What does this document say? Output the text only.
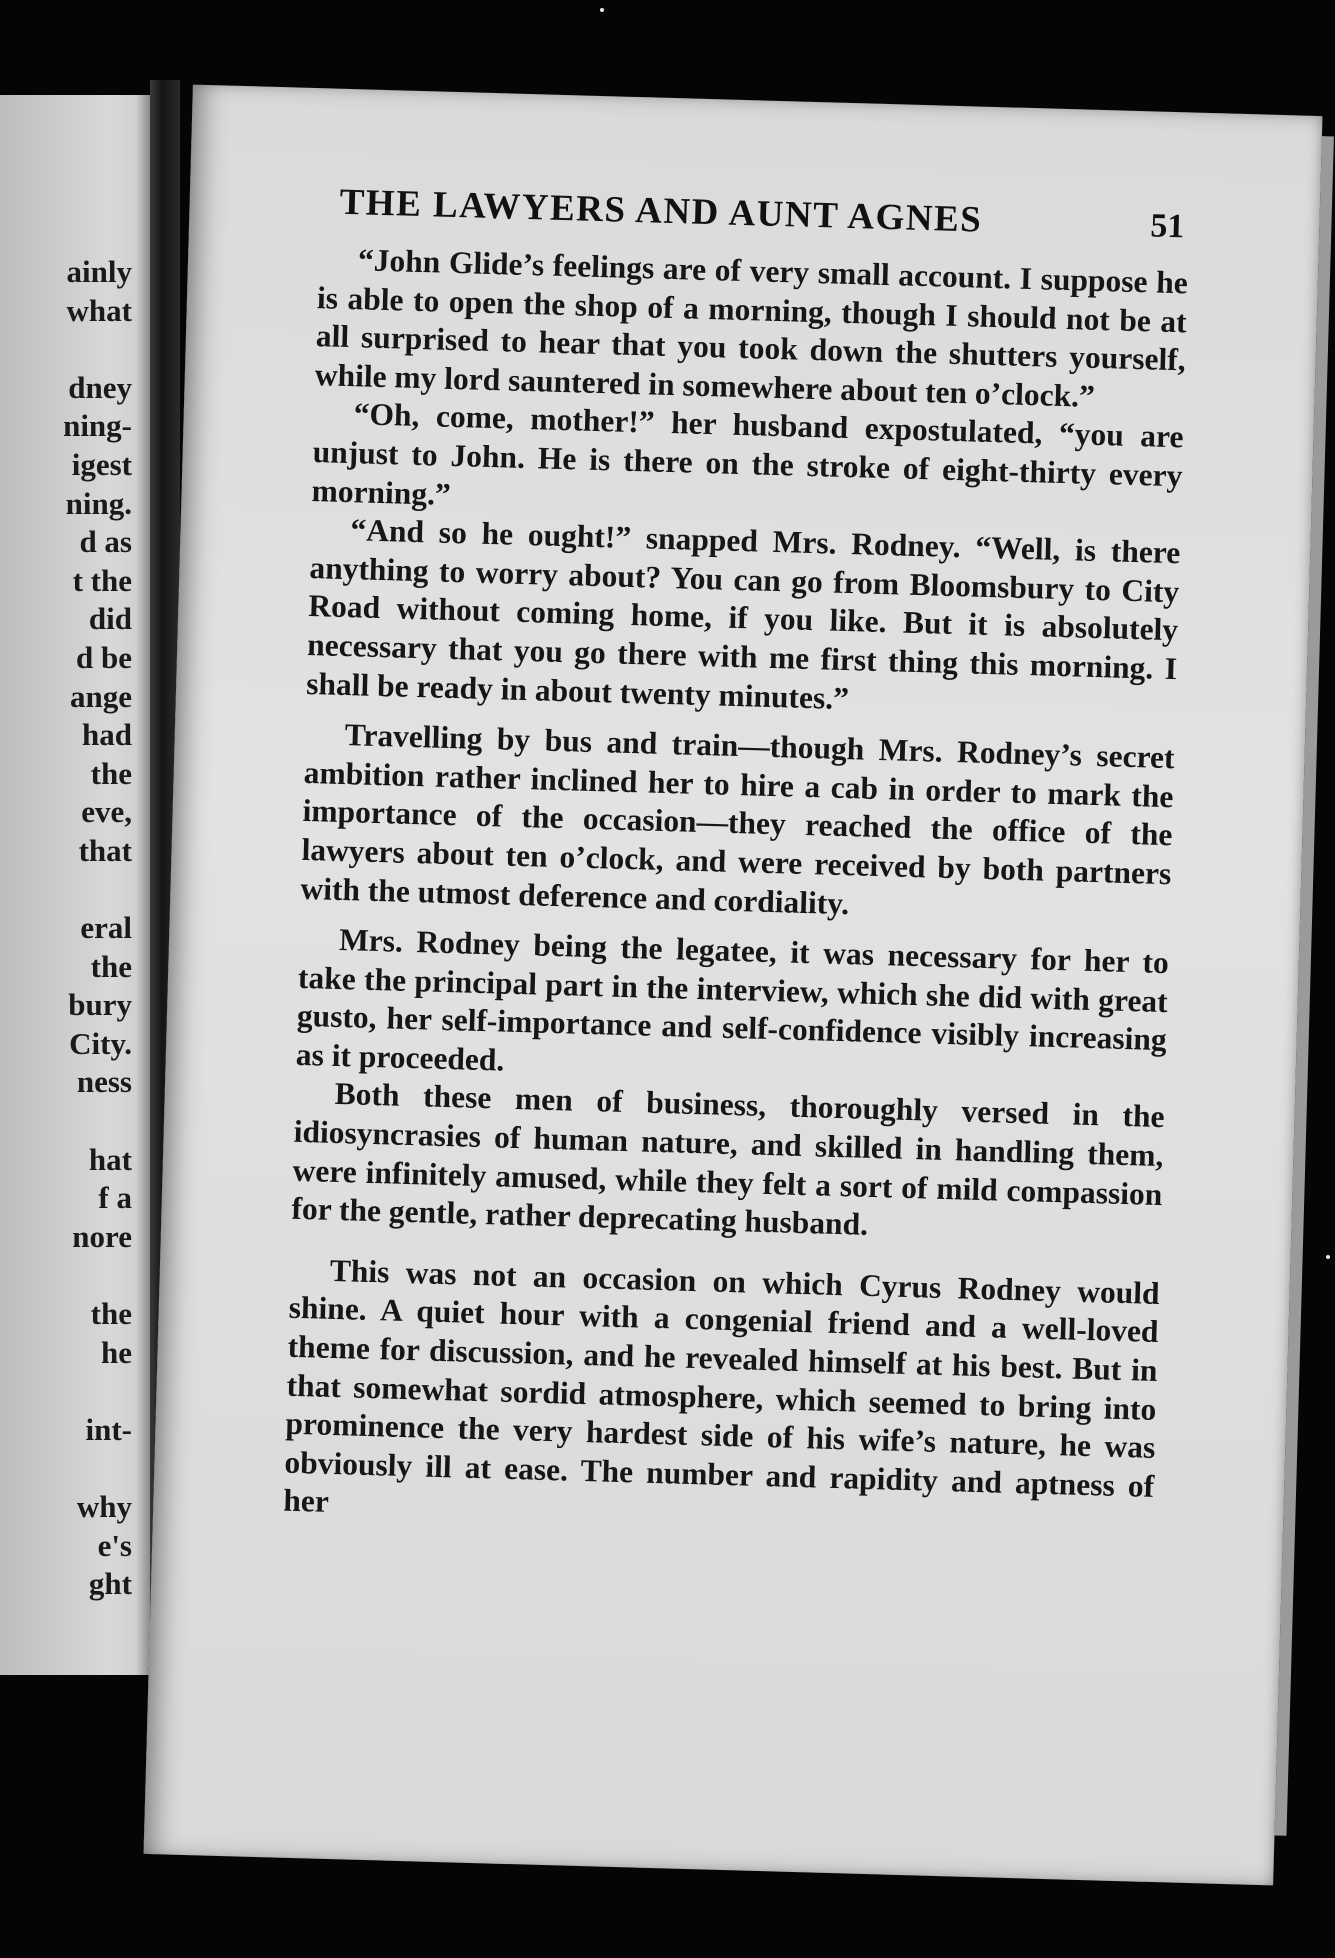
ainly
what
dney
ning-
igest
ning.
d as
t the
did
d be
ange
had
the
eve,
that
eral
the
bury
City.
ness
hat
f a
nore
the
he
int-
why
e's
ght
THE LAWYERS AND AUNT AGNES	51

“John Glide’s feelings are of very small account. I suppose he is able to open the shop of a morning, though I should not be at all surprised to hear that you took down the shutters yourself, while my lord sauntered in somewhere about ten o’clock.”

“Oh, come, mother!” her husband expostulated, “you are unjust to John. He is there on the stroke of eight-thirty every morning.”

“And so he ought!” snapped Mrs. Rodney. “Well, is there anything to worry about? You can go from Bloomsbury to City Road without coming home, if you like. But it is absolutely necessary that you go there with me first thing this morning. I shall be ready in about twenty minutes.”

Travelling by bus and train—though Mrs. Rodney’s secret ambition rather inclined her to hire a cab in order to mark the importance of the occasion—they reached the office of the lawyers about ten o’clock, and were received by both partners with the utmost deference and cordiality.

Mrs. Rodney being the legatee, it was necessary for her to take the principal part in the interview, which she did with great gusto, her self-importance and self-confidence visibly increasing as it proceeded.

Both these men of business, thoroughly versed in the idiosyncrasies of human nature, and skilled in handling them, were infinitely amused, while they felt a sort of mild compassion for the gentle, rather deprecating husband.

This was not an occasion on which Cyrus Rodney would shine. A quiet hour with a congenial friend and a well-loved theme for discussion, and he revealed himself at his best. But in that somewhat sordid atmosphere, which seemed to bring into prominence the very hardest side of his wife’s nature, he was obviously ill at ease. The number and rapidity and aptness of her
